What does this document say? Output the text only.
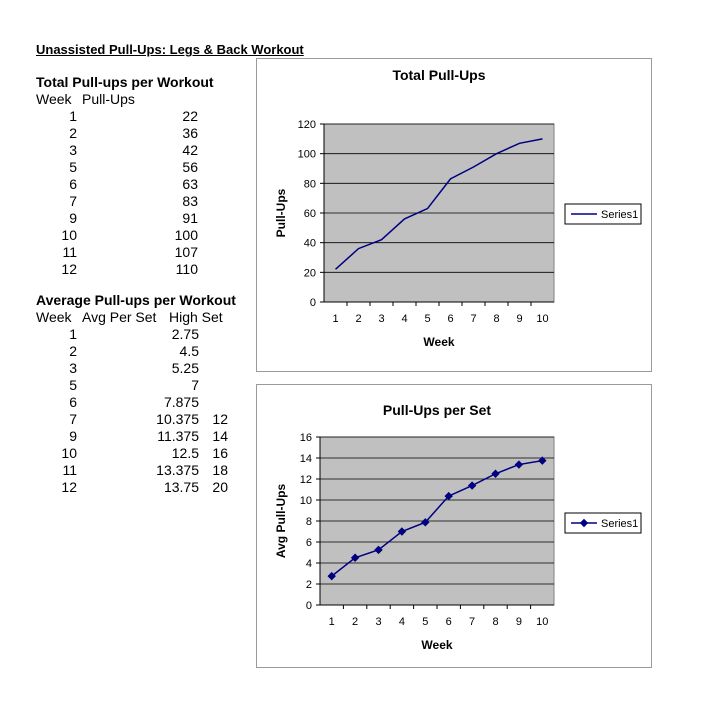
Unassisted Pull-Ups: Legs & Back Workout
Total Pull-ups per Workout
Week Pull-Ups
1	22
2	36
3	42
5	56
6	63
7	83
9	91
10	100
11	107
12	110
Average Pull-ups per Workout
Week Avg Per Set High Set
1	2.75
2	4.5
3	5.25
5	7
6	7.875
7	10.375 12
9	11.375 14
10	12.5 16
11	13.375 18
12	13.75 20
Total Pull-Ups
0
20
40
60
80
100
120
1 2 3 4 5 6 7 8 9 10
Week
Pull-Ups	Series1
Pull-Ups per Set
0
2
4
6
8
10
12
14
16
1 2 3 4 5 6 7 8 9 10
Week
Avg Pull-Ups	Series1
